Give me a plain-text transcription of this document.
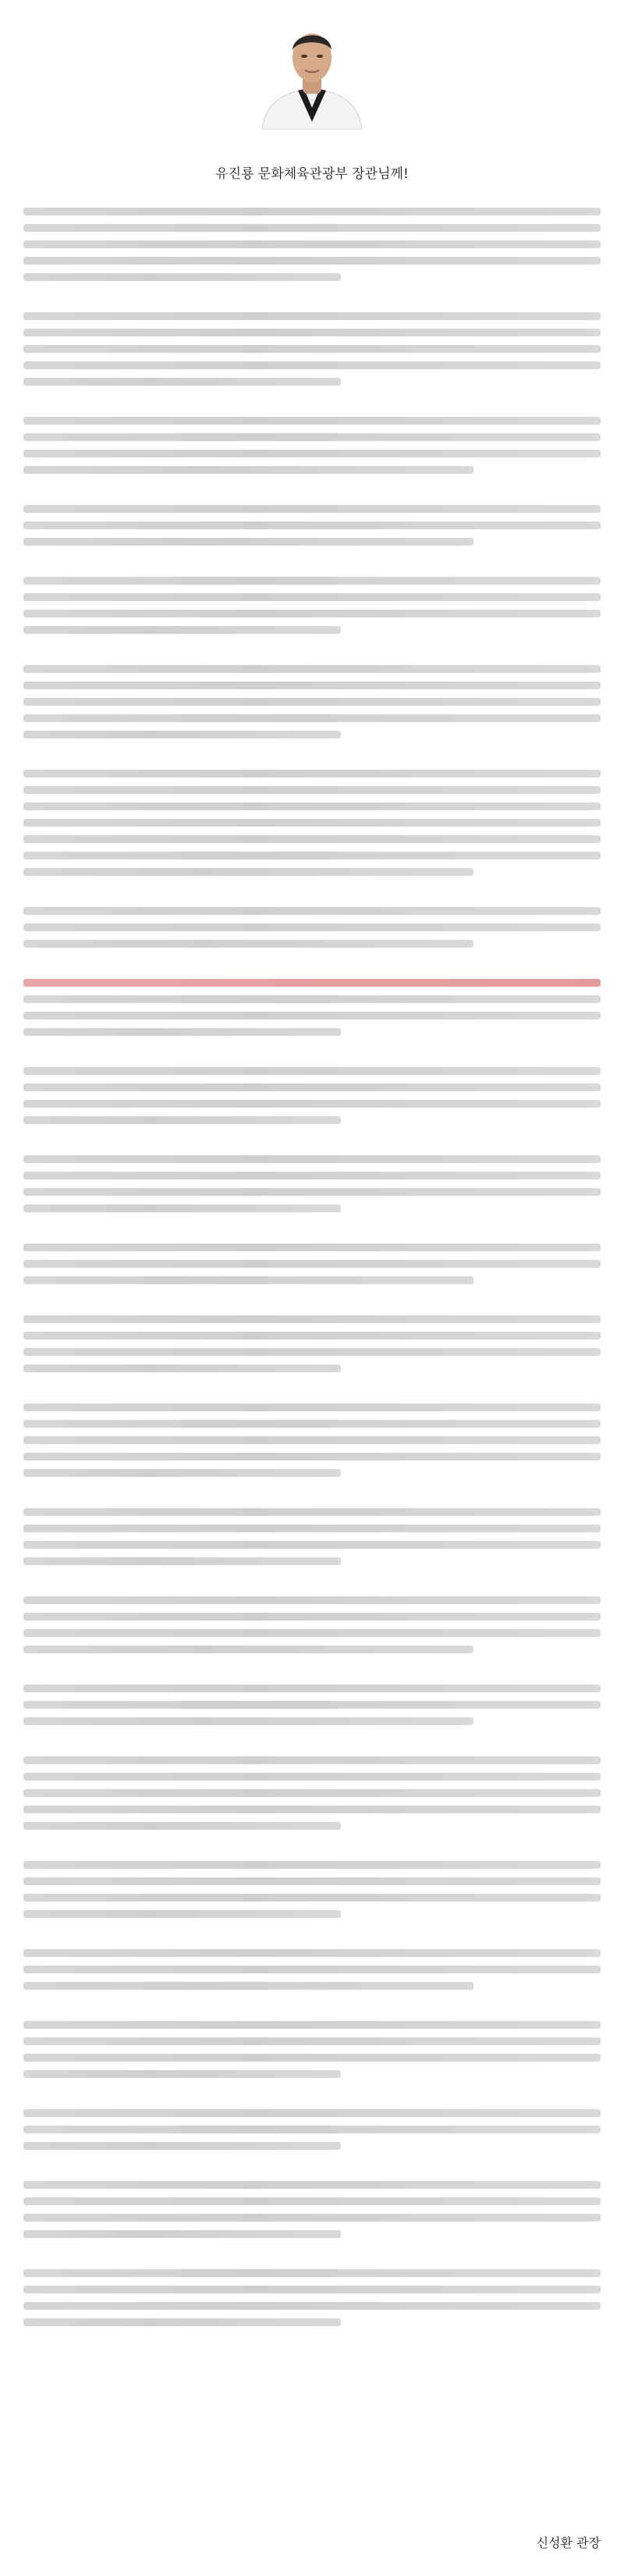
유진룡 문화체육관광부 장관님께!
신성환 관장
